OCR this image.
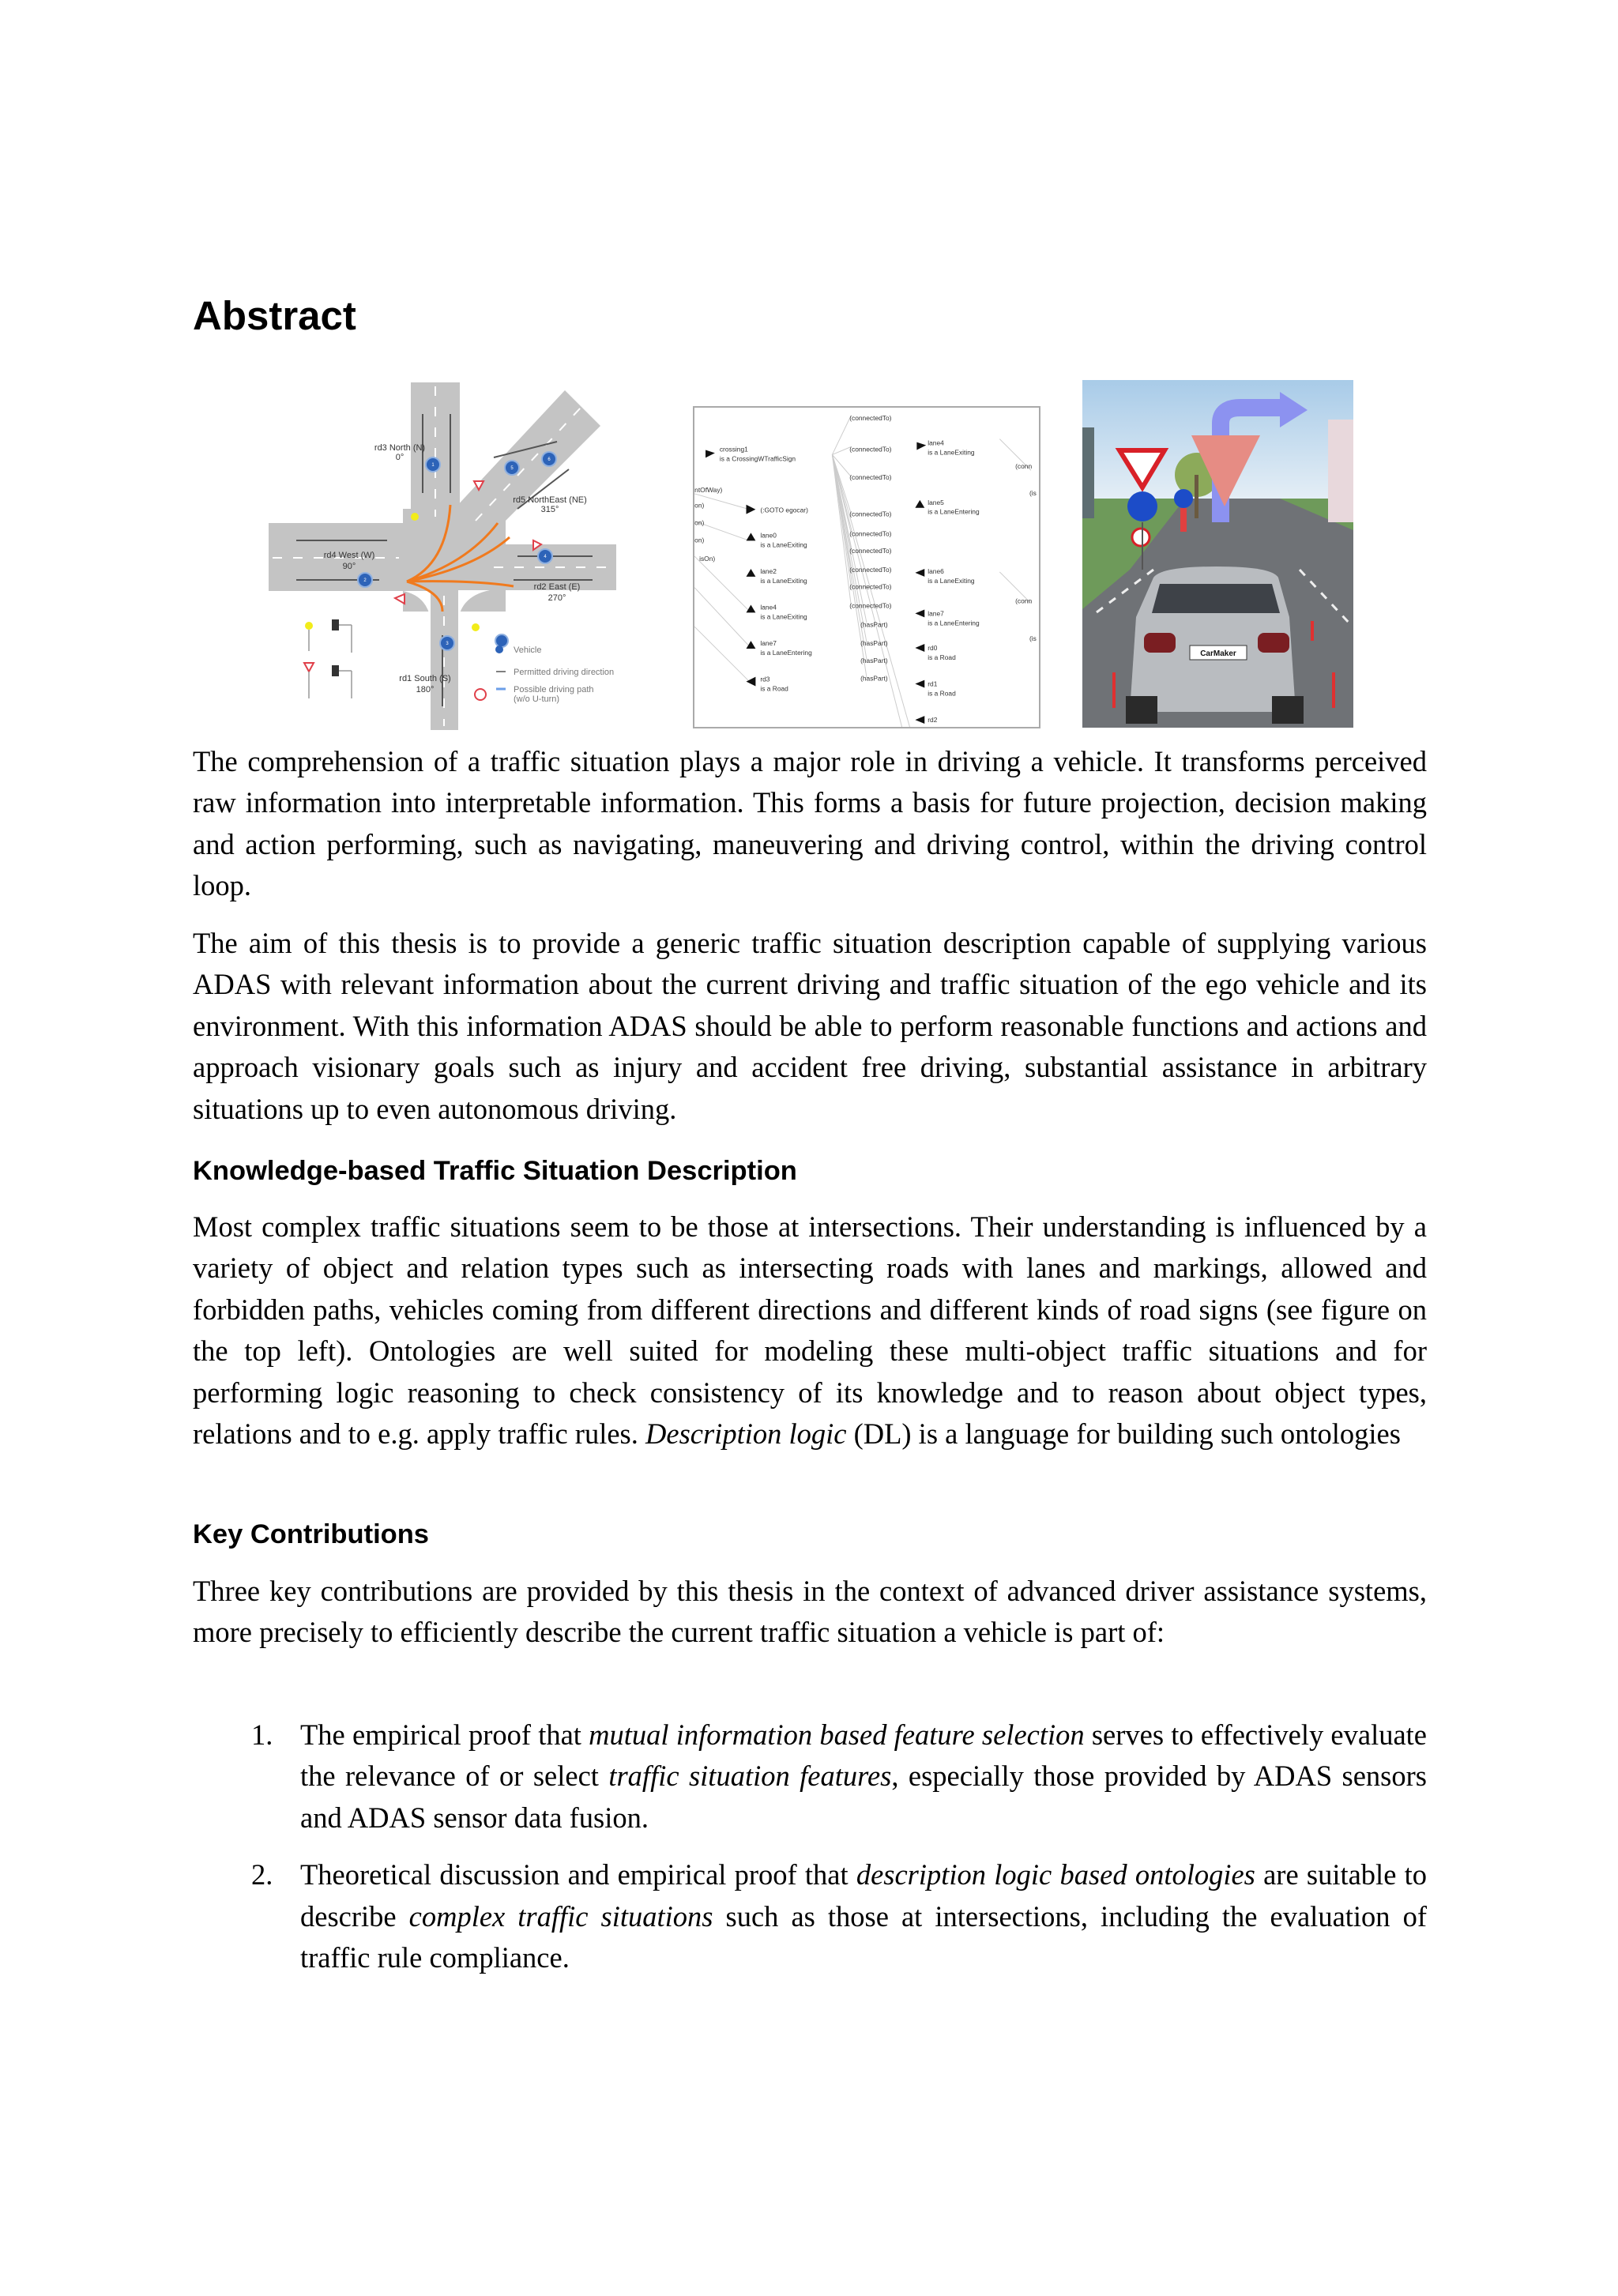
Abstract
1
5
6
2
4
3
rd3 North (N)
0°
rd5 NorthEast (NE)
315°
rd4 West (W)
90°
rd2 East (E)
270°
rd1 South (S)
180°
Vehicle
Permitted driving direction
Possible driving path
(w/o U-turn)
crossing1
is a CrossingWTrafficSign
(:GOTO egocar)
lane0
is a LaneExiting
lane2
is a LaneExiting
lane4
is a LaneExiting
lane7
is a LaneEntering
rd3
is a Road
ntOfWay)
on)
on)
on)
isOn)
(connectedTo)
(connectedTo)
(connectedTo)
(connectedTo)
(connectedTo)
(connectedTo)
(connectedTo)
(connectedTo)
(connectedTo)
(hasPart)
(hasPart)
(hasPart)
(hasPart)
lane4
is a LaneExiting
lane5
is a LaneEntering
lane6
is a LaneExiting
lane7
is a LaneEntering
rd0
is a Road
rd1
is a Road
rd2
(conn
(is
(conn
(is
CarMaker

The comprehension of a traffic situation plays a major role in driving a vehicle. It transforms perceived raw information into interpretable information. This forms a basis for future projection, decision making and action performing, such as navigating, maneuvering and driving control, within the driving control loop.

The aim of this thesis is to provide a generic traffic situation description capable of supplying various ADAS with relevant information about the current driving and traffic situation of the ego vehicle and its environment. With this information ADAS should be able to perform reasonable functions and actions and approach visionary goals such as injury and accident free driving, substantial assistance in arbitrary situations up to even autonomous driving.

Knowledge-based Traffic Situation Description

Most complex traffic situations seem to be those at intersections. Their understanding is influenced by a variety of object and relation types such as intersecting roads with lanes and markings, allowed and forbidden paths, vehicles coming from different directions and different kinds of road signs (see figure on the top left). Ontologies are well suited for modeling these multi-object traffic situations and for performing logic reasoning to check consistency of its knowledge and to reason about object types, relations and to e.g. apply traffic rules. Description logic (DL) is a language for building such ontologies

Key Contributions

Three key contributions are provided by this thesis in the context of advanced driver assistance systems, more precisely to efficiently describe the current traffic situation a vehicle is part of:

1. The empirical proof that mutual information based feature selection serves to effectively evaluate the relevance of or select traffic situation features, especially those provided by ADAS sensors and ADAS sensor data fusion.
2. Theoretical discussion and empirical proof that description logic based ontologies are suitable to describe complex traffic situations such as those at intersections, including the evaluation of traffic rule compliance.
